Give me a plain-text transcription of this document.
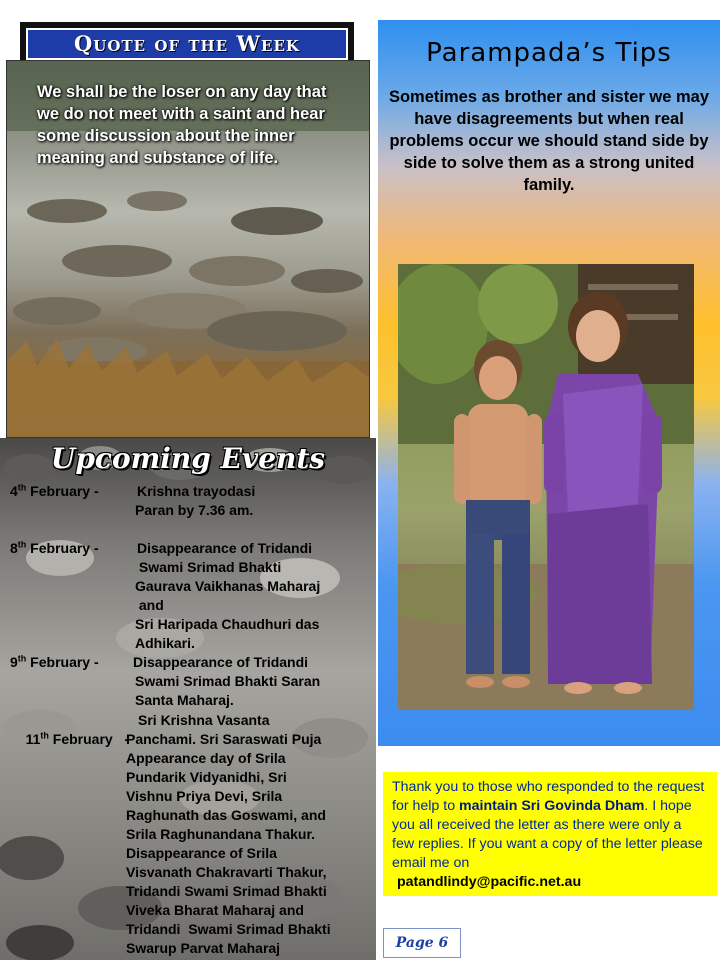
Quote of the Week
We shall be the loser on any day that we do not meet with a saint and hear some discussion about the inner meaning and substance of life.
Upcoming Events
4th February -	Krishna trayodasi
Paran by 7.36 am.
8th February -	Disappearance of Tridandi
Swami Srimad Bhakti
Gaurava Vaikhanas Maharaj
and
Sri Haripada Chaudhuri das
Adhikari.
9th February - Disappearance of Tridandi
Swami Srimad Bhakti Saran
Santa Maharaj.

11th February   -

Sri Krishna Vasanta
Panchami. Sri Saraswati Puja
Appearance day of Srila
Pundarik Vidyanidhi, Sri
Vishnu Priya Devi, Srila
Raghunath das Goswami, and
Srila Raghunandana Thakur.
Disappearance of Srila
Visvanath Chakravarti Thakur,
Tridandi Swami Srimad Bhakti
Viveka Bharat Maharaj and
Tridandi  Swami Srimad Bhakti
Swarup Parvat Maharaj
Parampada’s Tips
Sometimes as brother and sister we may have disagreements but when real problems occur we should stand side by side to solve them as a strong united family.
Thank you to those who responded to the request for help to maintain Sri Govinda Dham. I hope you all received the letter as there were only a few replies. If you want a copy of the letter please email me on
patandlindy@pacific.net.au
Page 6
